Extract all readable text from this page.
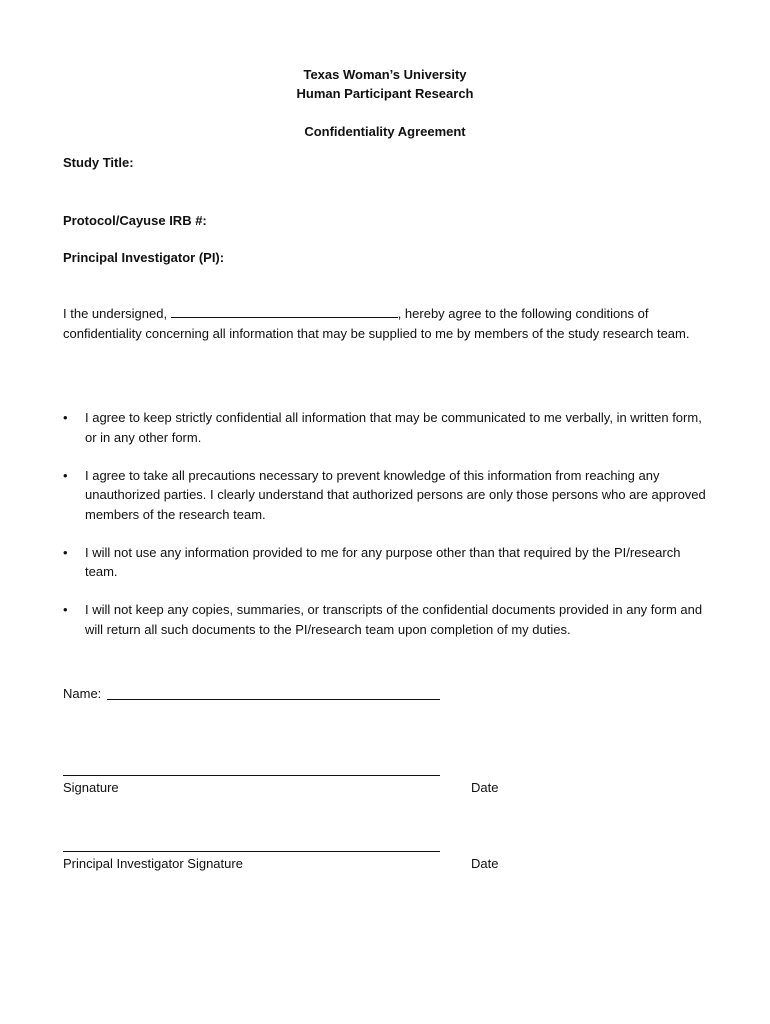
Texas Woman’s University
Human Participant Research
Confidentiality Agreement
Study Title:
Protocol/Cayuse IRB #:
Principal Investigator (PI):
I the undersigned,	, hereby agree to the following conditions of confidentiality concerning all information that may be supplied to me by members of the study research team.
• I agree to keep strictly confidential all information that may be communicated to me verbally, in written form, or in any other form.
• I agree to take all precautions necessary to prevent knowledge of this information from reaching any unauthorized parties. I clearly understand that authorized persons are only those persons who are approved members of the research team.
• I will not use any information provided to me for any purpose other than that required by the PI/research team.
• I will not keep any copies, summaries, or transcripts of the confidential documents provided in any form and will return all such documents to the PI/research team upon completion of my duties.
Name:
Signature	Date
Principal Investigator Signature	Date
